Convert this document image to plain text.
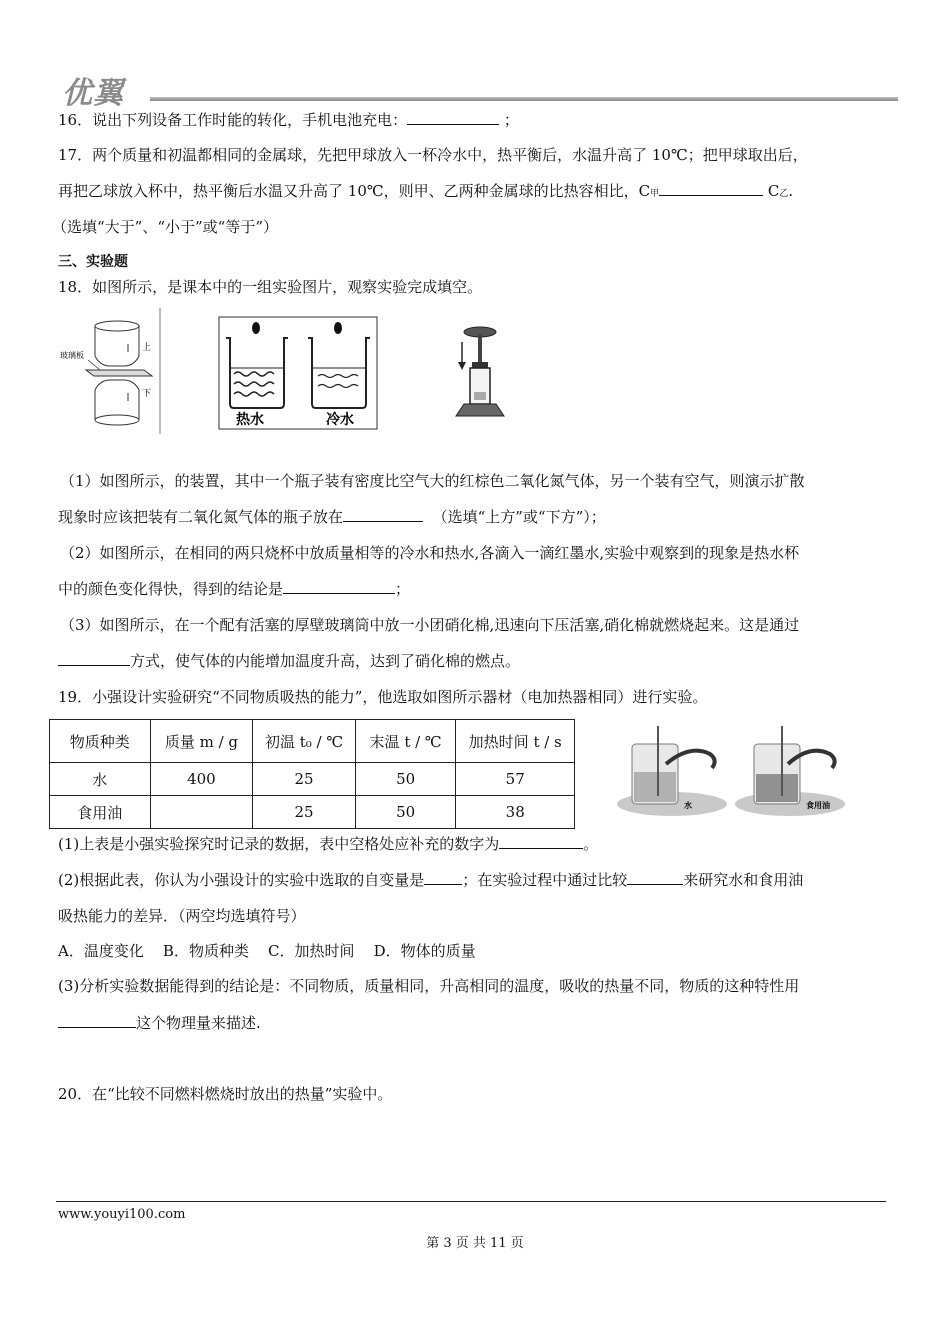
优翼
16．说出下列设备工作时能的转化，手机电池充电：	；
17．两个质量和初温都相同的金属球，先把甲球放入一杯冷水中，热平衡后，水温升高了 10℃；把甲球取出后，
再把乙球放入杯中，热平衡后水温又升高了 10℃，则甲、乙两种金属球的比热容相比，C甲	C乙.
（选填“大于”、“小于”或“等于”）
三、实验题
18．如图所示，是课本中的一组实验图片，观察实验完成填空。
玻璃板
上
下
热水	冷水
（1）如图所示，的装置，其中一个瓶子装有密度比空气大的红棕色二氧化氮气体，另一个装有空气，则演示扩散
现象时应该把装有二氧化氮气体的瓶子放在	（选填“上方”或“下方”）；
（2）如图所示，在相同的两只烧杯中放质量相等的冷水和热水,各滴入一滴红墨水,实验中观察到的现象是热水杯
中的颜色变化得快，得到的结论是	；
（3）如图所示，在一个配有活塞的厚壁玻璃筒中放一小团硝化棉,迅速向下压活塞,硝化棉就燃烧起来。这是通过
方式，使气体的内能增加温度升高，达到了硝化棉的燃点。
19．小强设计实验研究“不同物质吸热的能力”，他选取如图所示器材（电加热器相同）进行实验。
物质种类	质量 m / g	初温 t₀ / ℃	末温 t / ℃	加热时间 t / s
水	400	25	50	57
食用油		25	50	38	水	食用油
(1)上表是小强实验探究时记录的数据，表中空格处应补充的数字为	。
(2)根据此表，你认为小强设计的实验中选取的自变量是	；在实验过程中通过比较	来研究水和食用油
吸热能力的差异．（两空均选填符号）
A．温度变化 B．物质种类 C．加热时间 D．物体的质量
(3)分析实验数据能得到的结论是：不同物质，质量相同，升高相同的温度，吸收的热量不同，物质的这种特性用
这个物理量来描述.
20．在“比较不同燃料燃烧时放出的热量”实验中。
www.youyi100.com
第 3 页 共 11 页
